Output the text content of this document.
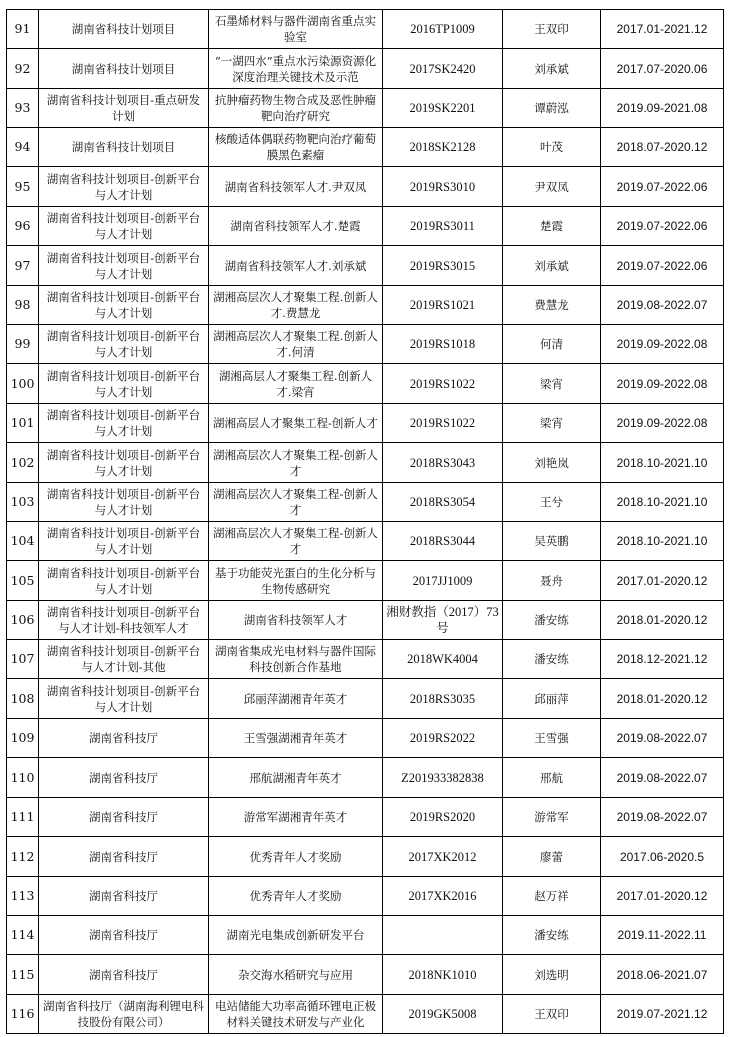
91	湖南省科技计划项目	石墨烯材料与器件湖南省重点实验室	2016TP1009	王双印	2017.01-2021.12
92	湖南省科技计划项目	“一湖四水”重点水污染源资源化深度治理关键技术及示范	2017SK2420	刘承斌	2017.07-2020.06
93	湖南省科技计划项目-重点研发计划	抗肿瘤药物生物合成及恶性肿瘤靶向治疗研究	2019SK2201	谭蔚泓	2019.09-2021.08
94	湖南省科技计划项目	核酸适体偶联药物靶向治疗葡萄膜黑色素瘤	2018SK2128	叶茂	2018.07-2020.12
95	湖南省科技计划项目-创新平台与人才计划	湖南省科技领军人才.尹双凤	2019RS3010	尹双凤	2019.07-2022.06
96	湖南省科技计划项目-创新平台与人才计划	湖南省科技领军人才.楚霞	2019RS3011	楚霞	2019.07-2022.06
97	湖南省科技计划项目-创新平台与人才计划	湖南省科技领军人才.刘承斌	2019RS3015	刘承斌	2019.07-2022.06
98	湖南省科技计划项目-创新平台与人才计划	湖湘高层次人才聚集工程.创新人才.费慧龙	2019RS1021	费慧龙	2019.08-2022.07
99	湖南省科技计划项目-创新平台与人才计划	湖湘高层次人才聚集工程.创新人才.何清	2019RS1018	何清	2019.09-2022.08
100	湖南省科技计划项目-创新平台与人才计划	湖湘高层人才聚集工程.创新人才.梁宵	2019RS1022	梁宵	2019.09-2022.08
101	湖南省科技计划项目-创新平台与人才计划	湖湘高层人才聚集工程-创新人才	2019RS1022	梁宵	2019.09-2022.08
102	湖南省科技计划项目-创新平台与人才计划	湖湘高层次人才聚集工程-创新人才	2018RS3043	刘艳岚	2018.10-2021.10
103	湖南省科技计划项目-创新平台与人才计划	湖湘高层次人才聚集工程-创新人才	2018RS3054	王兮	2018.10-2021.10
104	湖南省科技计划项目-创新平台与人才计划	湖湘高层次人才聚集工程-创新人才	2018RS3044	吴英鹏	2018.10-2021.10
105	湖南省科技计划项目-创新平台与人才计划	基于功能荧光蛋白的生化分析与生物传感研究	2017JJ1009	聂舟	2017.01-2020.12
106	湖南省科技计划项目-创新平台与人才计划-科技领军人才	湖南省科技领军人才	湘财教指（2017）73号	潘安练	2018.01-2020.12
107	湖南省科技计划项目-创新平台与人才计划-其他	湖南省集成光电材料与器件国际科技创新合作基地	2018WK4004	潘安练	2018.12-2021.12
108	湖南省科技计划项目-创新平台与人才计划	邱丽萍湖湘青年英才	2018RS3035	邱丽萍	2018.01-2020.12
109	湖南省科技厅	王雪强湖湘青年英才	2019RS2022	王雪强	2019.08-2022.07
110	湖南省科技厅	邢航湖湘青年英才	Z201933382838	邢航	2019.08-2022.07
111	湖南省科技厅	游常军湖湘青年英才	2019RS2020	游常军	2019.08-2022.07
112	湖南省科技厅	优秀青年人才奖励	2017XK2012	廖蕾	2017.06-2020.5
113	湖南省科技厅	优秀青年人才奖励	2017XK2016	赵万祥	2017.01-2020.12
114	湖南省科技厅	湖南光电集成创新研发平台		潘安练	2019.11-2022.11
115	湖南省科技厅	杂交海水稻研究与应用	2018NK1010	刘选明	2018.06-2021.07
116	湖南省科技厅（湖南海利锂电科技股份有限公司）	电站储能大功率高循环锂电正极材料关键技术研发与产业化	2019GK5008	王双印	2019.07-2021.12
